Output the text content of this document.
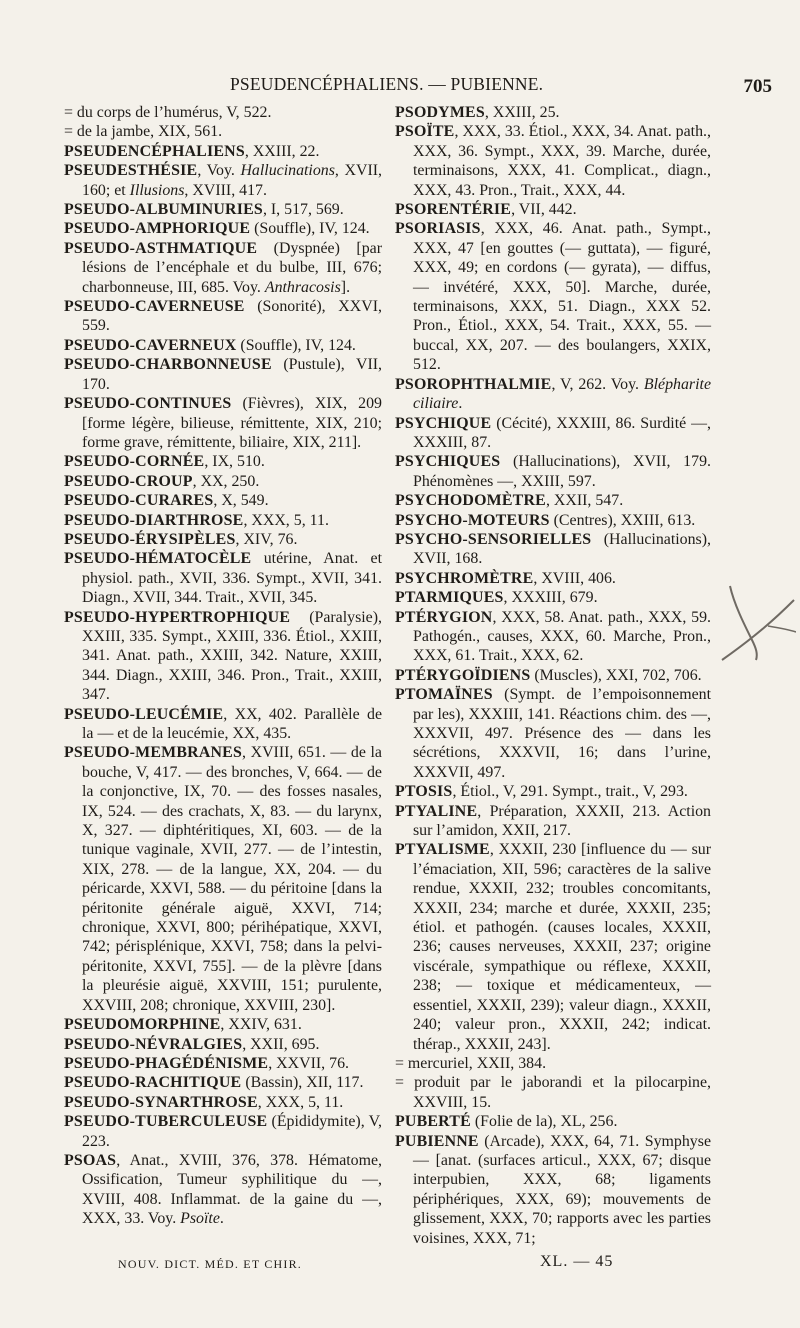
PSEUDENCÉPHALIENS. — PUBIENNE.	705

= du corps de l’humérus, V, 522.

= de la jambe, XIX, 561.

PSEUDENCÉPHALIENS, XXIII, 22.

PSEUDESTHÉSIE, Voy. Hallucinations, XVII, 160; et Illusions, XVIII, 417.

PSEUDO-ALBUMINURIES, I, 517, 569.

PSEUDO-AMPHORIQUE (Souffle), IV, 124.

PSEUDO-ASTHMATIQUE (Dyspnée) [par lésions de l’encéphale et du bulbe, III, 676; charbonneuse, III, 685. Voy. Anthracosis].

PSEUDO-CAVERNEUSE (Sonorité), XXVI, 559.

PSEUDO-CAVERNEUX (Souffle), IV, 124.

PSEUDO-CHARBONNEUSE (Pustule), VII, 170.

PSEUDO-CONTINUES (Fièvres), XIX, 209 [forme légère, bilieuse, rémittente, XIX, 210; forme grave, rémittente, biliaire, XIX, 211].

PSEUDO-CORNÉE, IX, 510.

PSEUDO-CROUP, XX, 250.

PSEUDO-CURARES, X, 549.

PSEUDO-DIARTHROSE, XXX, 5, 11.

PSEUDO-ÉRYSIPÈLES, XIV, 76.

PSEUDO-HÉMATOCÈLE utérine, Anat. et physiol. path., XVII, 336. Sympt., XVII, 341. Diagn., XVII, 344. Trait., XVII, 345.

PSEUDO-HYPERTROPHIQUE (Paralysie), XXIII, 335. Sympt., XXIII, 336. Étiol., XXIII, 341. Anat. path., XXIII, 342. Nature, XXIII, 344. Diagn., XXIII, 346. Pron., Trait., XXIII, 347.

PSEUDO-LEUCÉMIE, XX, 402. Parallèle de la — et de la leucémie, XX, 435.

PSEUDO-MEMBRANES, XVIII, 651. — de la bouche, V, 417. — des bronches, V, 664. — de la conjonctive, IX, 70. — des fosses nasales, IX, 524. — des crachats, X, 83. — du larynx, X, 327. — diphtéritiques, XI, 603. — de la tunique vaginale, XVII, 277. — de l’intestin, XIX, 278. — de la langue, XX, 204. — du péricarde, XXVI, 588. — du péritoine [dans la péritonite générale aiguë, XXVI, 714; chronique, XXVI, 800; périhépatique, XXVI, 742; périsplénique, XXVI, 758; dans la pelvi-péritonite, XXVI, 755]. — de la plèvre [dans la pleurésie aiguë, XXVIII, 151; purulente, XXVIII, 208; chronique, XXVIII, 230].

PSEUDOMORPHINE, XXIV, 631.

PSEUDO-NÉVRALGIES, XXII, 695.

PSEUDO-PHAGÉDÉNISME, XXVII, 76.

PSEUDO-RACHITIQUE (Bassin), XII, 117.

PSEUDO-SYNARTHROSE, XXX, 5, 11.

PSEUDO-TUBERCULEUSE (Épididymite), V, 223.

PSOAS, Anat., XVIII, 376, 378. Hématome, Ossification, Tumeur syphilitique du —, XVIII, 408. Inflammat. de la gaine du —, XXX, 33. Voy. Psoïte.

PSODYMES, XXIII, 25.

PSOÏTE, XXX, 33. Étiol., XXX, 34. Anat. path., XXX, 36. Sympt., XXX, 39. Marche, durée, terminaisons, XXX, 41. Complicat., diagn., XXX, 43. Pron., Trait., XXX, 44.

PSORENTÉRIE, VII, 442.

PSORIASIS, XXX, 46. Anat. path., Sympt., XXX, 47 [en gouttes (— guttata), — figuré, XXX, 49; en cordons (— gyrata), — diffus, — invétéré, XXX, 50]. Marche, durée, terminaisons, XXX, 51. Diagn., XXX 52. Pron., Étiol., XXX, 54. Trait., XXX, 55. — buccal, XX, 207. — des boulangers, XXIX, 512.

PSOROPHTHALMIE, V, 262. Voy. Blépharite ciliaire.

PSYCHIQUE (Cécité), XXXIII, 86. Surdité —, XXXIII, 87.

PSYCHIQUES (Hallucinations), XVII, 179. Phénomènes —, XXIII, 597.

PSYCHODOMÈTRE, XXII, 547.

PSYCHO-MOTEURS (Centres), XXIII, 613.

PSYCHO-SENSORIELLES (Hallucinations), XVII, 168.

PSYCHROMÈTRE, XVIII, 406.

PTARMIQUES, XXXIII, 679.

PTÉRYGION, XXX, 58. Anat. path., XXX, 59. Pathogén., causes, XXX, 60. Marche, Pron., XXX, 61. Trait., XXX, 62.

PTÉRYGOÏDIENS (Muscles), XXI, 702, 706.

PTOMAÏNES (Sympt. de l’empoisonnement par les), XXXIII, 141. Réactions chim. des —, XXXVII, 497. Présence des — dans les sécrétions, XXXVII, 16; dans l’urine, XXXVII, 497.

PTOSIS, Étiol., V, 291. Sympt., trait., V, 293.

PTYALINE, Préparation, XXXII, 213. Action sur l’amidon, XXII, 217.

PTYALISME, XXXII, 230 [influence du — sur l’émaciation, XII, 596; caractères de la salive rendue, XXXII, 232; troubles concomitants, XXXII, 234; marche et durée, XXXII, 235; étiol. et pathogén. (causes locales, XXXII, 236; causes nerveuses, XXXII, 237; origine viscérale, sympathique ou réflexe, XXXII, 238; — toxique et médicamenteux, — essentiel, XXXII, 239); valeur diagn., XXXII, 240; valeur pron., XXXII, 242; indicat. thérap., XXXII, 243].

= mercuriel, XXII, 384.

= produit par le jaborandi et la pilocarpine, XXVIII, 15.

PUBERTÉ (Folie de la), XL, 256.

PUBIENNE (Arcade), XXX, 64, 71. Symphyse — [anat. (surfaces articul., XXX, 67; disque interpubien, XXX, 68; ligaments périphériques, XXX, 69); mouvements de glissement, XXX, 70; rapports avec les parties voisines, XXX, 71;

NOUV. DICT. MÉD. ET CHIR.	XL. — 45
